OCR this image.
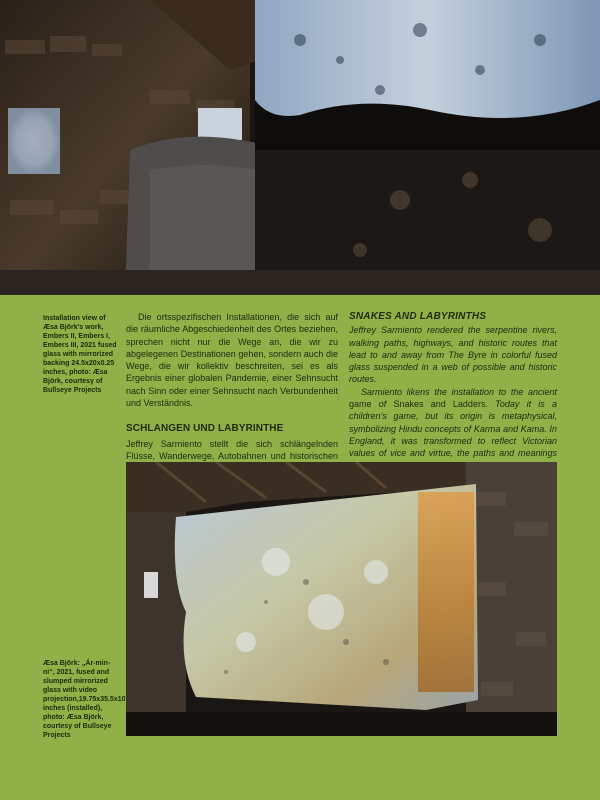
Installation view of Æsa Björk's work, Embers II, Embers I, Embers III, 2021 fused glass with mirrorized backing 24.5x20x0.25 inches, photo: Æsa Björk, courtesy of Bullseye Projects

Die ortsspezifischen Installationen, die sich auf die räumliche Abgeschiedenheit des Ortes beziehen, sprechen nicht nur die Wege an, die wir zu abgelegenen Destinationen gehen, sondern auch die Wege, die wir kollektiv beschreiten, sei es als Ergebnis einer globalen Pandemie, einer Sehnsucht nach Sinn oder einer Sehnsucht nach Verbundenheit und Verständnis.

SCHLANGEN UND LABYRINTHE

Jeffrey Sarmiento stellt die sich schlängelnden Flüsse, Wanderwege, Autobahnen und historischen

SNAKES AND LABYRINTHS

Jeffrey Sarmiento rendered the serpentine rivers, walking paths, highways, and historic routes that lead to and away from The Byre in colorful fused glass suspended in a web of possible and historic routes.

Sarmiento likens the installation to the ancient game of Snakes and Ladders. Today it is a children’s game, but its origin is metaphysical, symbolizing Hindu concepts of Karma and Kama. In England, it was transformed to reflect Victorian values of vice and virtue, the paths and meanings

Æsa Björk: „Ár-min-ni“, 2021, fused and slumped mirrorized glass with video projection,19.75x35.5x10 inches (installed), photo: Æsa Björk, courtesy of Bullseye Projects
